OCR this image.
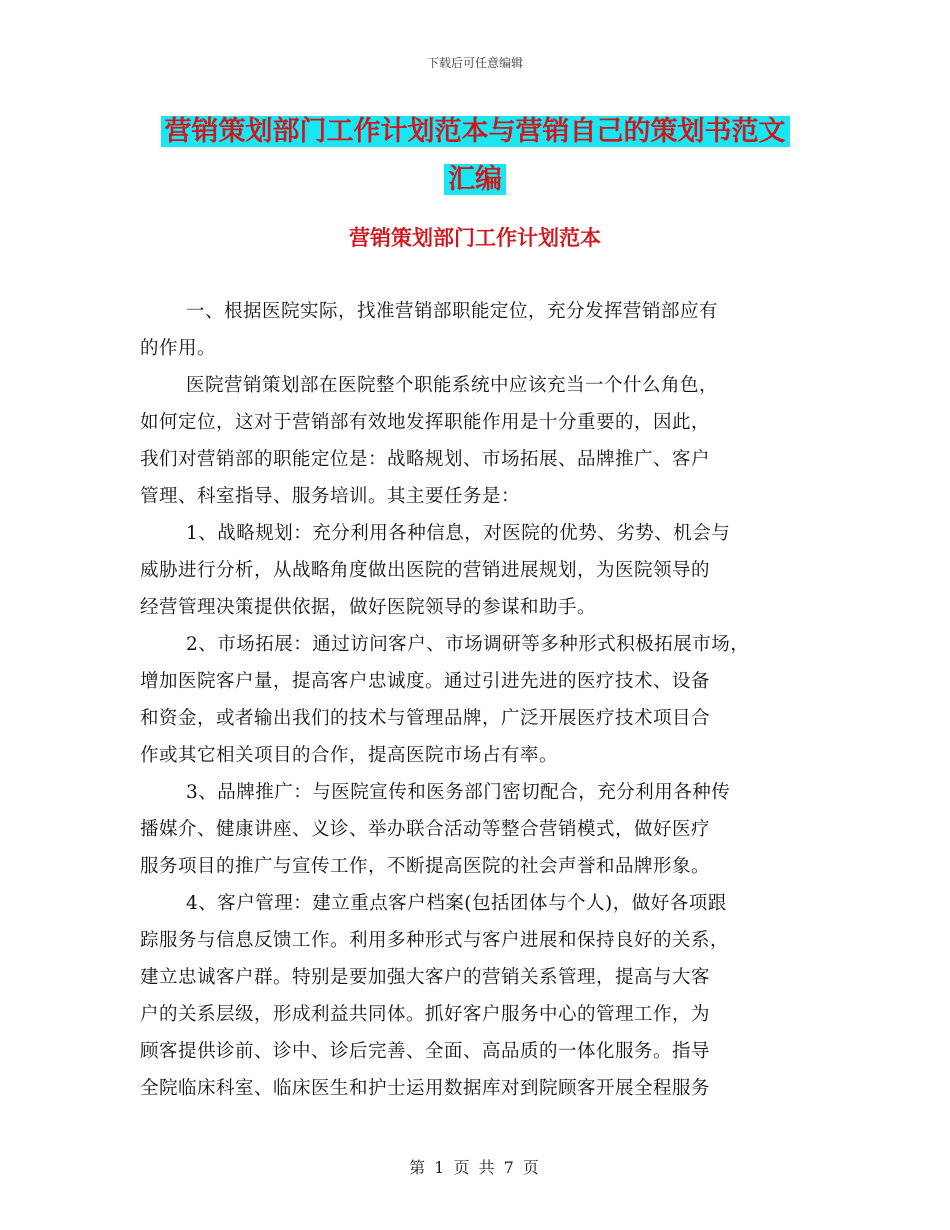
下载后可任意编辑
营销策划部门工作计划范本与营销自己的策划书范文
汇编
营销策划部门工作计划范本
一、根据医院实际，找准营销部职能定位，充分发挥营销部应有
的作用。
医院营销策划部在医院整个职能系统中应该充当一个什么角色，
如何定位，这对于营销部有效地发挥职能作用是十分重要的，因此，
我们对营销部的职能定位是：战略规划、市场拓展、品牌推广、客户
管理、科室指导、服务培训。其主要任务是：
1、战略规划：充分利用各种信息，对医院的优势、劣势、机会与
威胁进行分析，从战略角度做出医院的营销进展规划，为医院领导的
经营管理决策提供依据，做好医院领导的参谋和助手。
2、市场拓展：通过访问客户、市场调研等多种形式积极拓展市场，
增加医院客户量，提高客户忠诚度。通过引进先进的医疗技术、设备
和资金，或者输出我们的技术与管理品牌，广泛开展医疗技术项目合
作或其它相关项目的合作，提高医院市场占有率。
3、品牌推广：与医院宣传和医务部门密切配合，充分利用各种传
播媒介、健康讲座、义诊、举办联合活动等整合营销模式，做好医疗
服务项目的推广与宣传工作，不断提高医院的社会声誉和品牌形象。
4、客户管理：建立重点客户档案(包括团体与个人)，做好各项跟
踪服务与信息反馈工作。利用多种形式与客户进展和保持良好的关系，
建立忠诚客户群。特别是要加强大客户的营销关系管理，提高与大客
户的关系层级，形成利益共同体。抓好客户服务中心的管理工作，为
顾客提供诊前、诊中、诊后完善、全面、高品质的一体化服务。指导
全院临床科室、临床医生和护士运用数据库对到院顾客开展全程服务
第 1 页 共 7 页
